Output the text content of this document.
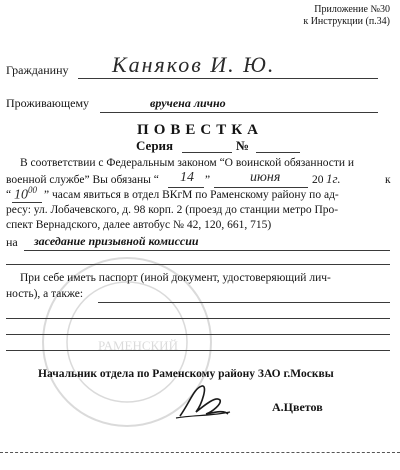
РАМЕНСКИЙ
Приложение №30
к Инструкции (п.34)
Гражданину Каняков И. Ю.
Проживающему	вручена лично
ПОВЕСТКА
Серия	№
В соответствии с Федеральным законом “О воинской обязанности и
военной службе” Вы обязаны “ 14 ”	июня	20 1г.	к
“ $10^{00}$ ” часам явиться в отдел ВКгМ по Раменскому району по ад-
ресу: ул. Лобачевского, д. 98 корп. 2 (проезд до станции метро Про-
спект Вернадского, далее автобус № 42, 120, 661, 715)
на заседание призывной комиссии
При себе иметь паспорт (иной документ, удостоверяющий лич-
ность), а также:
Начальник отдела по Раменскому району ЗАО г.Москвы
А.Цветов
